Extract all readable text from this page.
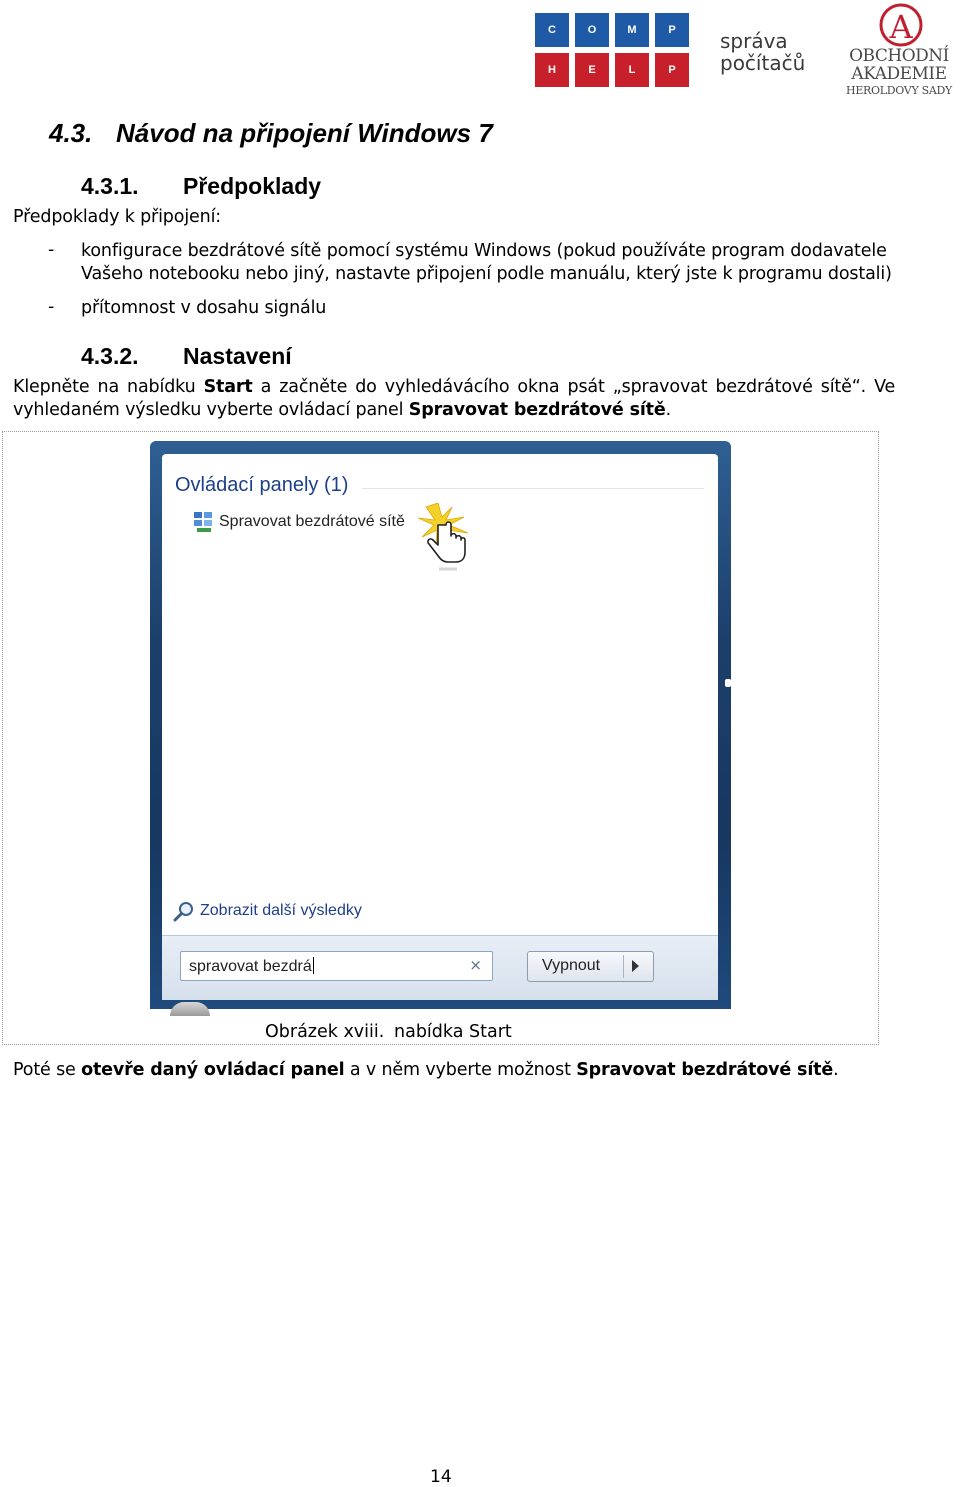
C	O	M	P
H	E	L	P
správa
počítačů
A
OBCHODNÍ
AKADEMIE
HEROLDOVY SADY
4.3. Návod na připojení Windows 7
4.3.1. Předpoklady
Předpoklady k připojení:
- konfigurace bezdrátové sítě pomocí systému Windows (pokud používáte program dodavatele
Vašeho notebooku nebo jiný, nastavte připojení podle manuálu, který jste k programu dostali)
- přítomnost v dosahu signálu
4.3.2. Nastavení
Klepněte na nabídku Start a začněte do vyhledávácího okna psát „spravovat bezdrátové sítě“. Ve
vyhledaném výsledku vyberte ovládací panel Spravovat bezdrátové sítě.
Ovládací panely (1)
Spravovat bezdrátové sítě
Zobrazit další výsledky
spravovat bezdrá	×	Vypnout
Obrázek xviii. nabídka Start
Poté se otevře daný ovládací panel a v něm vyberte možnost Spravovat bezdrátové sítě.
14
